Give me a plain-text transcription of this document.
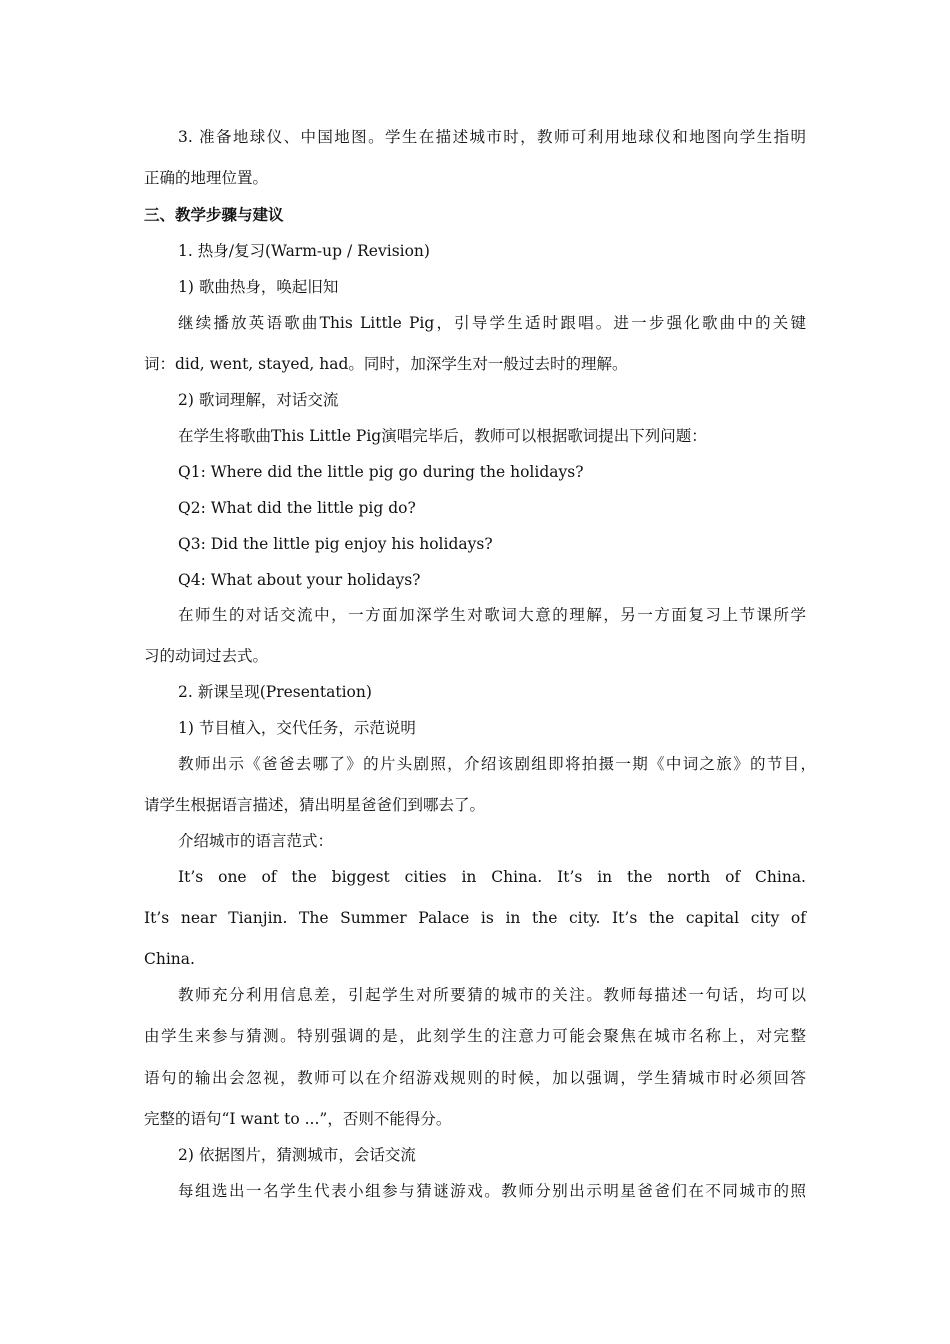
3. 准备地球仪、中国地图。学生在描述城市时，教师可利用地球仪和地图向学生指明
正确的地理位置。
三、教学步骤与建议
1. 热身/复习(Warm-up / Revision)
1) 歌曲热身，唤起旧知
继续播放英语歌曲This Little Pig，引导学生适时跟唱。进一步强化歌曲中的关键
词：did, went, stayed, had。同时，加深学生对一般过去时的理解。
2) 歌词理解，对话交流
在学生将歌曲This Little Pig演唱完毕后，教师可以根据歌词提出下列问题：
Q1: Where did the little pig go during the holidays?
Q2: What did the little pig do?
Q3: Did the little pig enjoy his holidays?
Q4: What about your holidays?
在师生的对话交流中，一方面加深学生对歌词大意的理解，另一方面复习上节课所学
习的动词过去式。
2. 新课呈现(Presentation)
1) 节目植入，交代任务，示范说明
教师出示《爸爸去哪了》的片头剧照，介绍该剧组即将拍摄一期《中词之旅》的节目，
请学生根据语言描述，猜出明星爸爸们到哪去了。
介绍城市的语言范式：
It’s one of the biggest cities in China. It’s in the north of China.
It’s near Tianjin. The Summer Palace is in the city. It’s the capital city of
China.
教师充分利用信息差，引起学生对所要猜的城市的关注。教师每描述一句话，均可以
由学生来参与猜测。特别强调的是，此刻学生的注意力可能会聚焦在城市名称上，对完整
语句的输出会忽视，教师可以在介绍游戏规则的时候，加以强调，学生猜城市时必须回答
完整的语句“I want to ...”，否则不能得分。
2) 依据图片，猜测城市，会话交流
每组选出一名学生代表小组参与猜谜游戏。教师分别出示明星爸爸们在不同城市的照
